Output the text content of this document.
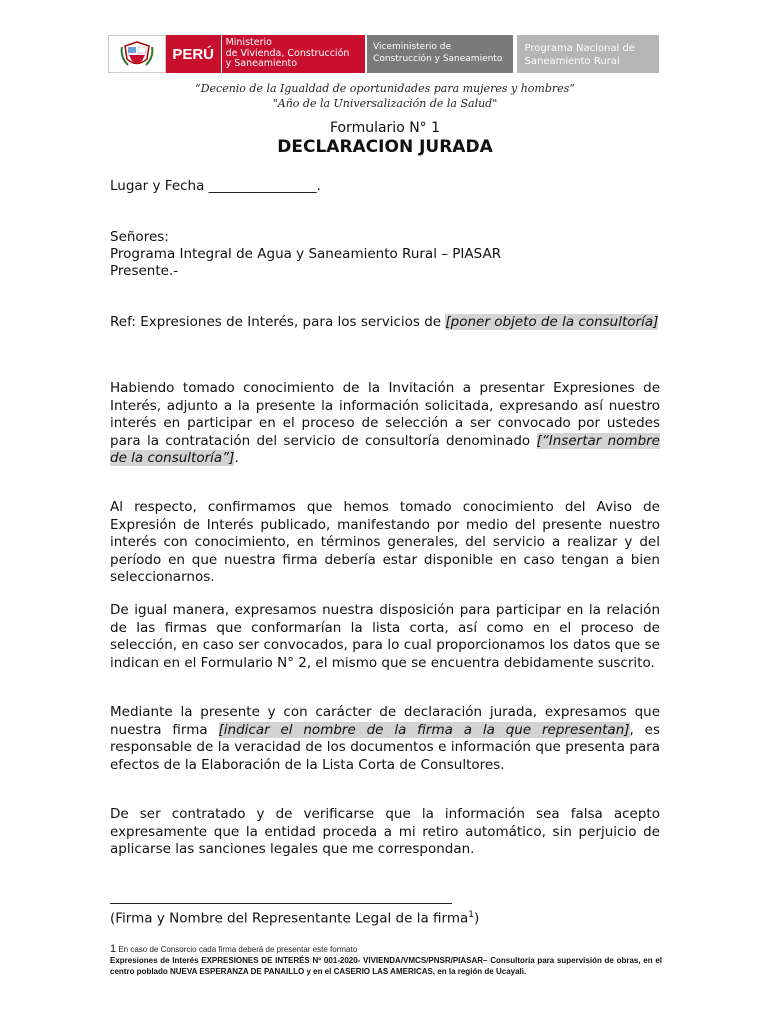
PERÚ
Ministerio
de Vivienda, Construcción
y Saneamiento
Viceministerio de
Construcción y Saneamiento
Programa Nacional de
Saneamiento Rural
“Decenio de la Igualdad de oportunidades para mujeres y hombres”
"Año de la Universalización de la Salud"
Formulario N° 1
DECLARACION JURADA
Lugar y Fecha ________________.
Señores:
Programa Integral de Agua y Saneamiento Rural – PIASAR
Presente.-

Ref: Expresiones de Interés, para los servicios de [poner objeto de la consultoría]

Habiendo tomado conocimiento de la Invitación a presentar Expresiones de Interés, adjunto a la presente la información solicitada, expresando así nuestro interés en participar en el proceso de selección a ser convocado por ustedes para la contratación del servicio de consultoría denominado [“Insertar nombre de la consultoría”].

Al respecto, confirmamos que hemos tomado conocimiento del Aviso de Expresión de Interés publicado, manifestando por medio del presente nuestro interés con conocimiento, en términos generales, del servicio a realizar y del período en que nuestra firma debería estar disponible en caso tengan a bien seleccionarnos.

De igual manera, expresamos nuestra disposición para participar en la relación de las firmas que conformarían la lista corta, así como en el proceso de selección, en caso ser convocados, para lo cual proporcionamos los datos que se indican en el Formulario N° 2, el mismo que se encuentra debidamente suscrito.

Mediante la presente y con carácter de declaración jurada, expresamos que nuestra firma [indicar el nombre de la firma a la que representan], es responsable de la veracidad de los documentos e información que presenta para efectos de la Elaboración de la Lista Corta de Consultores.

De ser contratado y de verificarse que la información sea falsa acepto expresamente que la entidad proceda a mi retiro automático, sin perjuicio de aplicarse las sanciones legales que me correspondan.

(Firma y Nombre del Representante Legal de la firma$^1$)
1 En caso de Consorcio cada firma deberá de presentar este formato
Expresiones de Interés EXPRESIONES DE INTERÉS Nº 001-2020- VIVIENDA/VMCS/PNSR/PIASAR– Consultoría para supervisión de obras, en el centro poblado NUEVA ESPERANZA DE PANAILLO y en el CASERIO LAS AMERICAS, en la región de Ucayali.
